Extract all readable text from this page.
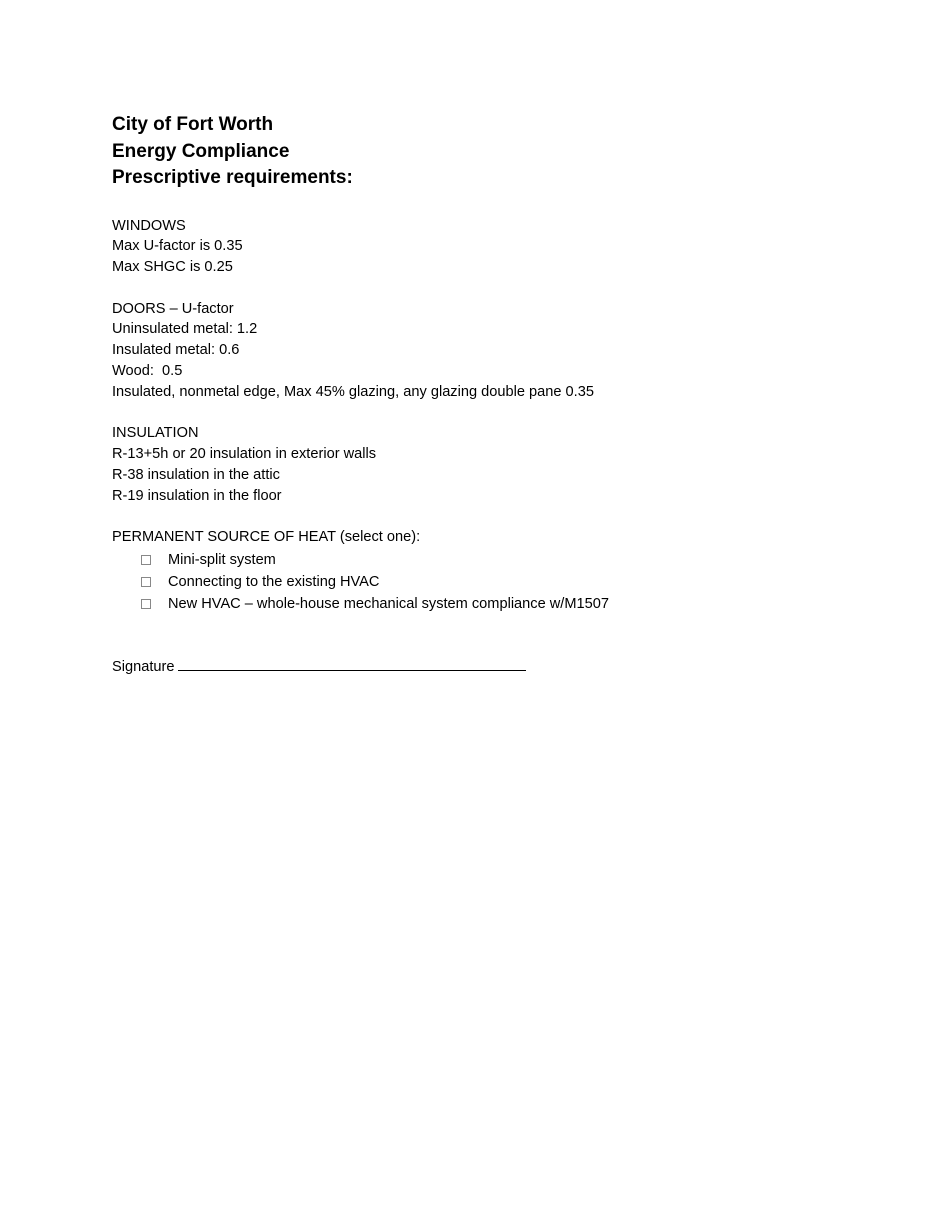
City of Fort Worth

Energy Compliance

Prescriptive requirements:

WINDOWS
Max U-factor is 0.35
Max SHGC is 0.25
DOORS – U-factor
Uninsulated metal: 1.2
Insulated metal: 0.6
Wood:  0.5
Insulated, nonmetal edge, Max 45% glazing, any glazing double pane 0.35
INSULATION
R-13+5h or 20 insulation in exterior walls
R-38 insulation in the attic
R-19 insulation in the floor
PERMANENT SOURCE OF HEAT (select one):
Mini-split system
Connecting to the existing HVAC
New HVAC – whole-house mechanical system compliance w/M1507
Signature
